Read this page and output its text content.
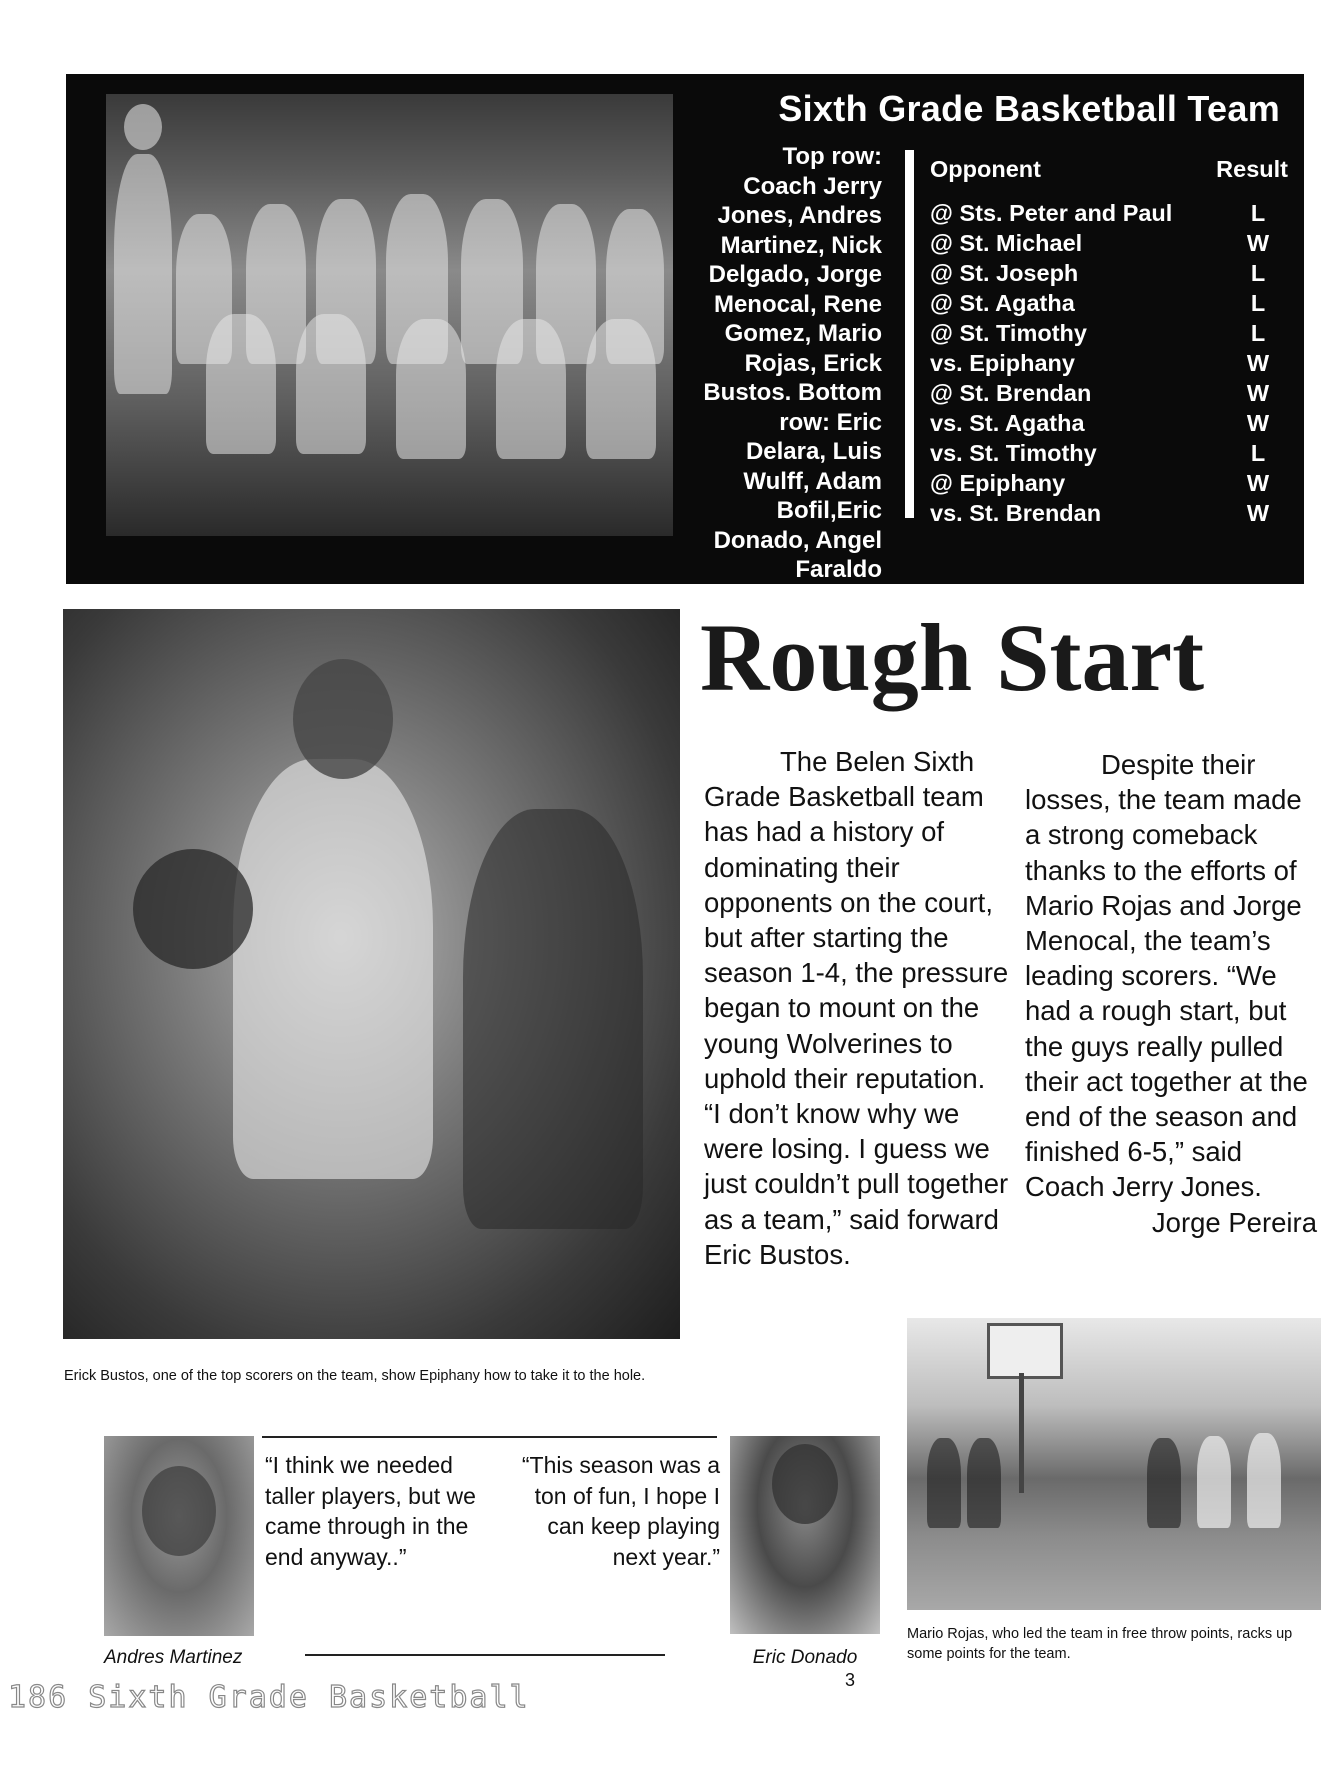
Sixth Grade Basketball Team
Top row:
Coach Jerry
Jones, Andres
Martinez, Nick
Delgado, Jorge
Menocal, Rene
Gomez, Mario
Rojas, Erick
Bustos. Bottom
row: Eric
Delara, Luis
Wulff, Adam
Bofil,Eric
Donado, Angel
Faraldo
Opponent	Result
@ Sts. Peter and Paul	L
@ St. Michael	W
@ St. Joseph	L
@ St. Agatha	L
@ St. Timothy	L
vs. Epiphany	W
@ St. Brendan	W
vs. St. Agatha	W
vs. St. Timothy	L
@ Epiphany	W
vs. St. Brendan	W
Erick Bustos, one of the top scorers on the team, show Epiphany how to take it to the hole.
Rough Start
The Belen Sixth Grade Basketball team has had a history of dominating their opponents on the court, but after starting the season 1-4, the pressure began to mount on the young Wolverines to uphold their reputation. “I don’t know why we were losing. I guess we just couldn’t pull together as a team,” said forward Eric Bustos.
Despite their losses, the team made a strong comeback thanks to the efforts of Mario Rojas and Jorge Menocal, the team’s leading scorers. “We had a rough start, but the guys really pulled their act together at the end of the season and finished 6-5,” said Coach Jerry Jones.
Jorge Pereira
Mario Rojas, who led the team in free throw points, racks up some points for the team.
“I think we needed taller players, but we came through in the end anyway..”
“This season was a ton of fun, I hope I can keep playing next year.”
Andres Martinez	Eric Donado
3
186 Sixth Grade Basketball
